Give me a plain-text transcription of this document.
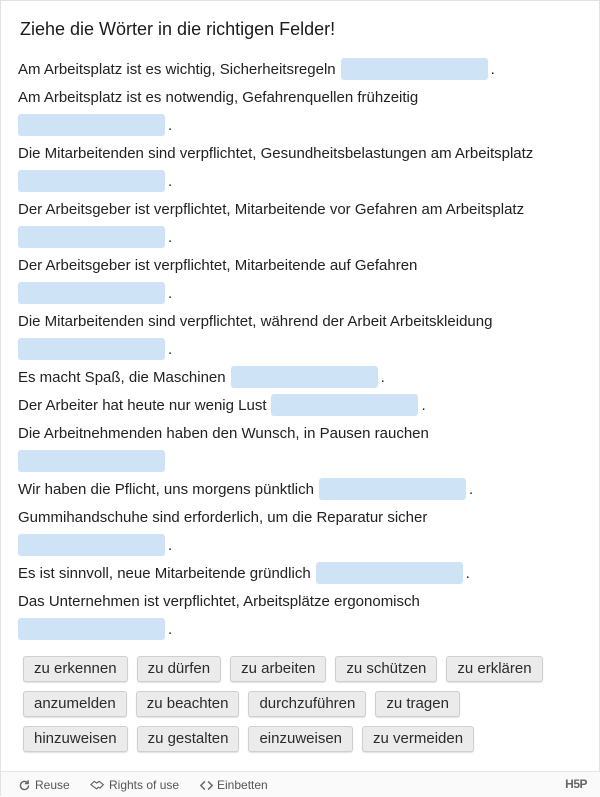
Ziehe die Wörter in die richtigen Felder!
Am Arbeitsplatz ist es wichtig, Sicherheitsregeln	.
Am Arbeitsplatz ist es notwendig, Gefahrenquellen frühzeitig
.
Die Mitarbeitenden sind verpflichtet, Gesundheitsbelastungen am Arbeitsplatz
.
Der Arbeitsgeber ist verpflichtet, Mitarbeitende vor Gefahren am Arbeitsplatz
.
Der Arbeitsgeber ist verpflichtet, Mitarbeitende auf Gefahren
.
Die Mitarbeitenden sind verpflichtet, während der Arbeit Arbeitskleidung
.
Es macht Spaß, die Maschinen	.
Der Arbeiter hat heute nur wenig Lust	.
Die Arbeitnehmenden haben den Wunsch, in Pausen rauchen
Wir haben die Pflicht, uns morgens pünktlich	.
Gummihandschuhe sind erforderlich, um die Reparatur sicher
.
Es ist sinnvoll, neue Mitarbeitende gründlich	.
Das Unternehmen ist verpflichtet, Arbeitsplätze ergonomisch
.
zu erkennen	zu dürfen	zu arbeiten	zu schützen	zu erklären
anzumelden	zu beachten	durchzuführen	zu tragen
hinzuweisen	zu gestalten	einzuweisen	zu vermeiden
Reuse	Rights of use	Einbetten	H5P
